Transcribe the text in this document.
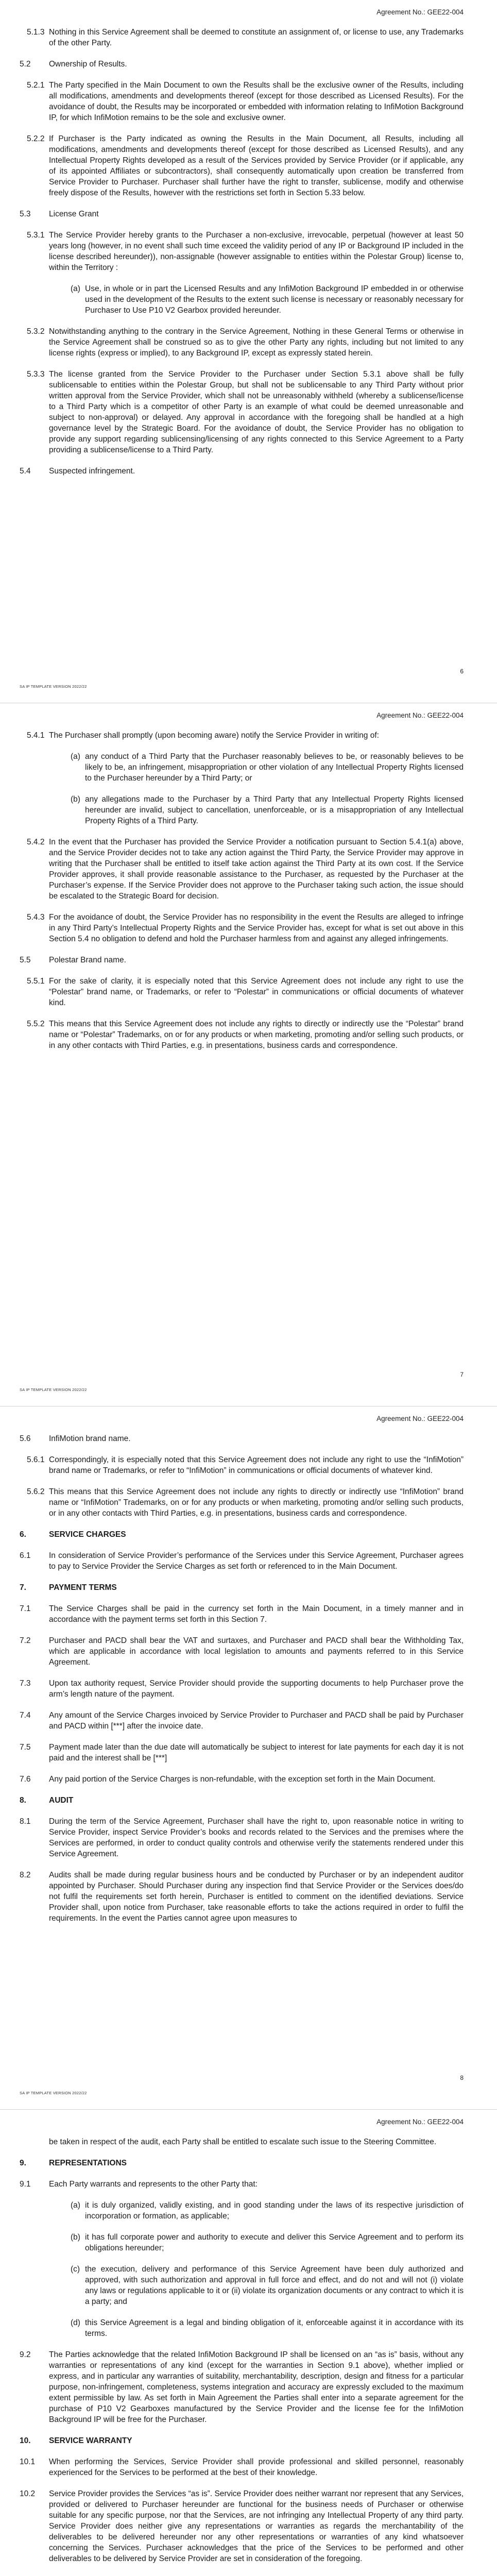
Agreement No.: GEE22-004
5.1.3 Nothing in this Service Agreement shall be deemed to constitute an assignment of, or license to use, any Trademarks of the other Party.
5.2 Ownership of Results.
5.2.1 The Party specified in the Main Document to own the Results shall be the exclusive owner of the Results, including all modifications, amendments and developments thereof (except for those described as Licensed Results). For the avoidance of doubt, the Results may be incorporated or embedded with information relating to InfiMotion Background IP, for which InfiMotion remains to be the sole and exclusive owner.
5.2.2 If Purchaser is the Party indicated as owning the Results in the Main Document, all Results, including all modifications, amendments and developments thereof (except for those described as Licensed Results), and any Intellectual Property Rights developed as a result of the Services provided by Service Provider (or if applicable, any of its appointed Affiliates or subcontractors), shall consequently automatically upon creation be transferred from Service Provider to Purchaser. Purchaser shall further have the right to transfer, sublicense, modify and otherwise freely dispose of the Results, however with the restrictions set forth in Section 5.33 below.
5.3 License Grant
5.3.1 The Service Provider hereby grants to the Purchaser a non-exclusive, irrevocable, perpetual (however at least 50 years long (however, in no event shall such time exceed the validity period of any IP or Background IP included in the license described hereunder)), non-assignable (however assignable to entities within the Polestar Group) license to, within the Territory :
(a) Use, in whole or in part the Licensed Results and any InfiMotion Background IP embedded in or otherwise used in the development of the Results to the extent such license is necessary or reasonably necessary for Purchaser to Use P10 V2 Gearbox provided hereunder.
5.3.2 Notwithstanding anything to the contrary in the Service Agreement, Nothing in these General Terms or otherwise in the Service Agreement shall be construed so as to give the other Party any rights, including but not limited to any license rights (express or implied), to any Background IP, except as expressly stated herein.
5.3.3 The license granted from the Service Provider to the Purchaser under Section 5.3.1 above shall be fully sublicensable to entities within the Polestar Group, but shall not be sublicensable to any Third Party without prior written approval from the Service Provider, which shall not be unreasonably withheld (whereby a sublicense/license to a Third Party which is a competitor of other Party is an example of what could be deemed unreasonable and subject to non-approval) or delayed. Any approval in accordance with the foregoing shall be handled at a high governance level by the Strategic Board. For the avoidance of doubt, the Service Provider has no obligation to provide any support regarding sublicensing/licensing of any rights connected to this Service Agreement to a Party providing a sublicense/license to a Third Party.
5.4 Suspected infringement.
6
SA IP TEMPLATE VERSION 2022/22
Agreement No.: GEE22-004
5.4.1 The Purchaser shall promptly (upon becoming aware) notify the Service Provider in writing of:
(a) any conduct of a Third Party that the Purchaser reasonably believes to be, or reasonably believes to be likely to be, an infringement, misappropriation or other violation of any Intellectual Property Rights licensed to the Purchaser hereunder by a Third Party; or
(b) any allegations made to the Purchaser by a Third Party that any Intellectual Property Rights licensed hereunder are invalid, subject to cancellation, unenforceable, or is a misappropriation of any Intellectual Property Rights of a Third Party.
5.4.2 In the event that the Purchaser has provided the Service Provider a notification pursuant to Section 5.4.1(a) above, and the Service Provider decides not to take any action against the Third Party, the Service Provider may approve in writing that the Purchaser shall be entitled to itself take action against the Third Party at its own cost. If the Service Provider approves, it shall provide reasonable assistance to the Purchaser, as requested by the Purchaser at the Purchaser’s expense. If the Service Provider does not approve to the Purchaser taking such action, the issue should be escalated to the Strategic Board for decision.
5.4.3 For the avoidance of doubt, the Service Provider has no responsibility in the event the Results are alleged to infringe in any Third Party’s Intellectual Property Rights and the Service Provider has, except for what is set out above in this Section 5.4 no obligation to defend and hold the Purchaser harmless from and against any alleged infringements.
5.5 Polestar Brand name.
5.5.1 For the sake of clarity, it is especially noted that this Service Agreement does not include any right to use the “Polestar” brand name, or Trademarks, or refer to “Polestar” in communications or official documents of whatever kind.
5.5.2 This means that this Service Agreement does not include any rights to directly or indirectly use the “Polestar” brand name or “Polestar” Trademarks, on or for any products or when marketing, promoting and/or selling such products, or in any other contacts with Third Parties, e.g. in presentations, business cards and correspondence.
7
SA IP TEMPLATE VERSION 2022/22
Agreement No.: GEE22-004
5.6 InfiMotion brand name.
5.6.1 Correspondingly, it is especially noted that this Service Agreement does not include any right to use the “InfiMotion” brand name or Trademarks, or refer to “InfiMotion” in communications or official documents of whatever kind.
5.6.2 This means that this Service Agreement does not include any rights to directly or indirectly use “InfiMotion” brand name or “InfiMotion” Trademarks, on or for any products or when marketing, promoting and/or selling such products, or in any other contacts with Third Parties, e.g. in presentations, business cards and correspondence.
6.	SERVICE CHARGES
6.1 In consideration of Service Provider’s performance of the Services under this Service Agreement, Purchaser agrees to pay to Service Provider the Service Charges as set forth or referenced to in the Main Document.
7.	PAYMENT TERMS
7.1 The Service Charges shall be paid in the currency set forth in the Main Document, in a timely manner and in accordance with the payment terms set forth in this Section 7.
7.2 Purchaser and PACD shall bear the VAT and surtaxes, and Purchaser and PACD shall bear the Withholding Tax, which are applicable in accordance with local legislation to amounts and payments referred to in this Service Agreement.
7.3 Upon tax authority request, Service Provider should provide the supporting documents to help Purchaser prove the arm’s length nature of the payment.
7.4 Any amount of the Service Charges invoiced by Service Provider to Purchaser and PACD shall be paid by Purchaser and PACD within [***] after the invoice date.
7.5 Payment made later than the due date will automatically be subject to interest for late payments for each day it is not paid and the interest shall be [***]
7.6 Any paid portion of the Service Charges is non-refundable, with the exception set forth in the Main Document.
8.	AUDIT
8.1 During the term of the Service Agreement, Purchaser shall have the right to, upon reasonable notice in writing to Service Provider, inspect Service Provider’s books and records related to the Services and the premises where the Services are performed, in order to conduct quality controls and otherwise verify the statements rendered under this Service Agreement.
8.2 Audits shall be made during regular business hours and be conducted by Purchaser or by an independent auditor appointed by Purchaser. Should Purchaser during any inspection find that Service Provider or the Services does/do not fulfil the requirements set forth herein, Purchaser is entitled to comment on the identified deviations. Service Provider shall, upon notice from Purchaser, take reasonable efforts to take the actions required in order to fulfil the requirements. In the event the Parties cannot agree upon measures to
8
SA IP TEMPLATE VERSION 2022/22
Agreement No.: GEE22-004
be taken in respect of the audit, each Party shall be entitled to escalate such issue to the Steering Committee.
9.	REPRESENTATIONS
9.1 Each Party warrants and represents to the other Party that:
(a) it is duly organized, validly existing, and in good standing under the laws of its respective jurisdiction of incorporation or formation, as applicable;
(b) it has full corporate power and authority to execute and deliver this Service Agreement and to perform its obligations hereunder;
(c) the execution, delivery and performance of this Service Agreement have been duly authorized and approved, with such authorization and approval in full force and effect, and do not and will not (i) violate any laws or regulations applicable to it or (ii) violate its organization documents or any contract to which it is a party; and
(d) this Service Agreement is a legal and binding obligation of it, enforceable against it in accordance with its terms.
9.2 The Parties acknowledge that the related InfiMotion Background IP shall be licensed on an “as is” basis, without any warranties or representations of any kind (except for the warranties in Section 9.1 above), whether implied or express, and in particular any warranties of suitability, merchantability, description, design and fitness for a particular purpose, non-infringement, completeness, systems integration and accuracy are expressly excluded to the maximum extent permissible by law. As set forth in Main Agreement the Parties shall enter into a separate agreement for the purchase of P10 V2 Gearboxes manufactured by the Service Provider and the license fee for the InfiMotion Background IP will be free for the Purchaser.
10. SERVICE WARRANTY
10.1 When performing the Services, Service Provider shall provide professional and skilled personnel, reasonably experienced for the Services to be performed at the best of their knowledge.
10.2 Service Provider provides the Services “as is”. Service Provider does neither warrant nor represent that any Services, provided or delivered to Purchaser hereunder are functional for the business needs of Purchaser or otherwise suitable for any specific purpose, nor that the Services, are not infringing any Intellectual Property of any third party. Service Provider does neither give any representations or warranties as regards the merchantability of the deliverables to be delivered hereunder nor any other representations or warranties of any kind whatsoever concerning the Services. Purchaser acknowledges that the price of the Services to be performed and other deliverables to be delivered by Service Provider are set in consideration of the foregoing.
